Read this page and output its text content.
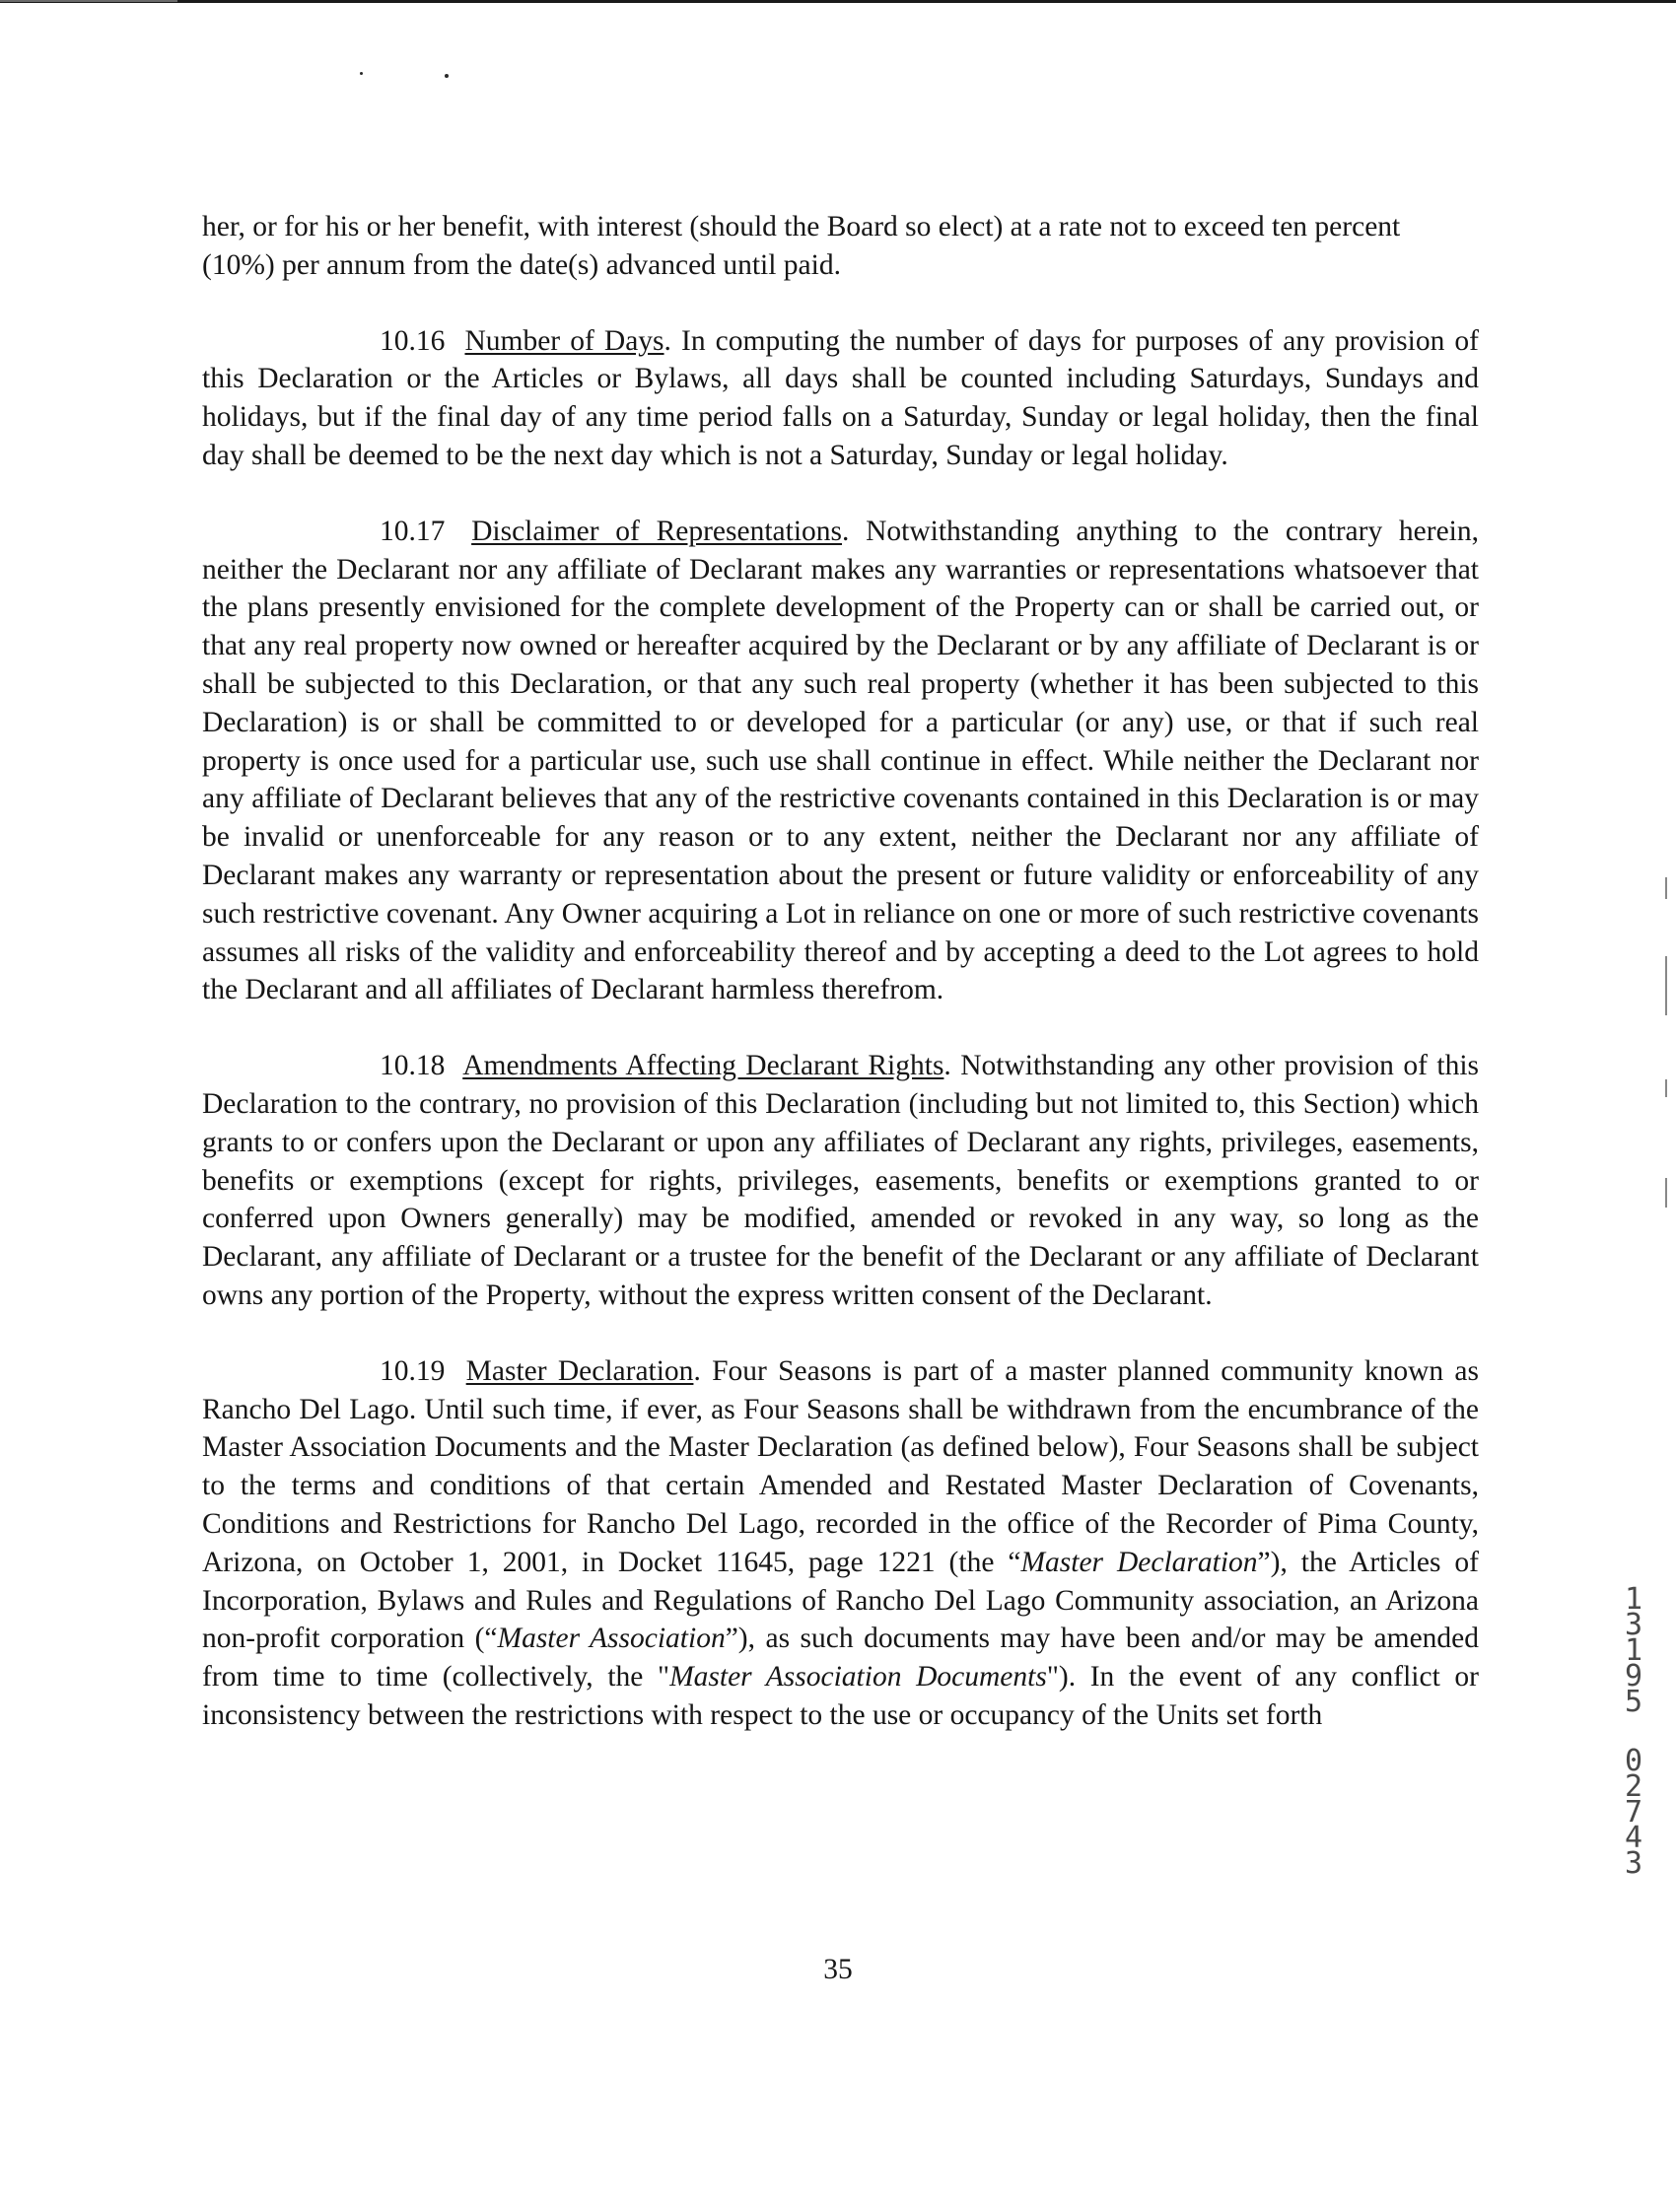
her, or for his or her benefit, with interest (should the Board so elect) at a rate not to exceed ten percent (10%) per annum from the date(s) advanced until paid.

10.16 Number of Days. In computing the number of days for purposes of any provision of this Declaration or the Articles or Bylaws, all days shall be counted including Saturdays, Sundays and holidays, but if the final day of any time period falls on a Saturday, Sunday or legal holiday, then the final day shall be deemed to be the next day which is not a Saturday, Sunday or legal holiday.

10.17 Disclaimer of Representations. Notwithstanding anything to the contrary herein, neither the Declarant nor any affiliate of Declarant makes any warranties or representations whatsoever that the plans presently envisioned for the complete development of the Property can or shall be carried out, or that any real property now owned or hereafter acquired by the Declarant or by any affiliate of Declarant is or shall be subjected to this Declaration, or that any such real property (whether it has been subjected to this Declaration) is or shall be committed to or developed for a particular (or any) use, or that if such real property is once used for a particular use, such use shall continue in effect. While neither the Declarant nor any affiliate of Declarant believes that any of the restrictive covenants contained in this Declaration is or may be invalid or unenforceable for any reason or to any extent, neither the Declarant nor any affiliate of Declarant makes any warranty or representation about the present or future validity or enforceability of any such restrictive covenant. Any Owner acquiring a Lot in reliance on one or more of such restrictive covenants assumes all risks of the validity and enforceability thereof and by accepting a deed to the Lot agrees to hold the Declarant and all affiliates of Declarant harmless therefrom.

10.18 Amendments Affecting Declarant Rights. Notwithstanding any other provision of this Declaration to the contrary, no provision of this Declaration (including but not limited to, this Section) which grants to or confers upon the Declarant or upon any affiliates of Declarant any rights, privileges, easements, benefits or exemptions (except for rights, privileges, easements, benefits or exemptions granted to or conferred upon Owners generally) may be modified, amended or revoked in any way, so long as the Declarant, any affiliate of Declarant or a trustee for the benefit of the Declarant or any affiliate of Declarant owns any portion of the Property, without the express written consent of the Declarant.

10.19 Master Declaration. Four Seasons is part of a master planned community known as Rancho Del Lago. Until such time, if ever, as Four Seasons shall be withdrawn from the encumbrance of the Master Association Documents and the Master Declaration (as defined below), Four Seasons shall be subject to the terms and conditions of that certain Amended and Restated Master Declaration of Covenants, Conditions and Restrictions for Rancho Del Lago, recorded in the office of the Recorder of Pima County, Arizona, on October 1, 2001, in Docket 11645, page 1221 (the “Master Declaration”), the Articles of Incorporation, Bylaws and Rules and Regulations of Rancho Del Lago Community association, an Arizona non-profit corporation (“Master Association”), as such documents may have been and/or may be amended from time to time (collectively, the "Master Association Documents"). In the event of any conflict or inconsistency between the restrictions with respect to the use or occupancy of the Units set forth

35
1
3
1
9
5
0
2
7
4
3
